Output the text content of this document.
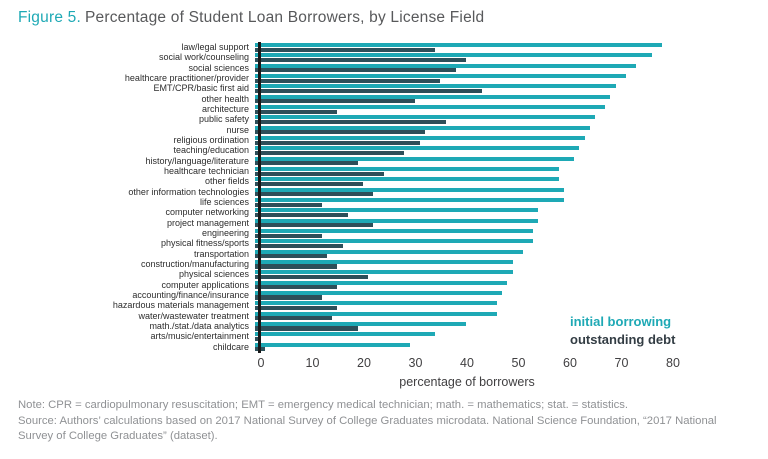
Figure 5. Percentage of Student Loan Borrowers, by License Field
law/legal support
social work/counseling
social sciences
healthcare practitioner/provider
EMT/CPR/basic first aid
other health
architecture
public safety
nurse
religious ordination
teaching/education
history/language/literature
healthcare technician
other fields
other information technologies
life sciences
computer networking
project management
engineering
physical fitness/sports
transportation
construction/manufacturing
physical sciences
computer applications
accounting/finance/insurance
hazardous materials management
water/wastewater treatment
math./stat./data analytics
arts/music/entertainment
childcare
0	10	20	30	40	50	60	70	80
percentage of borrowers
initial borrowing
outstanding debt
Note: CPR = cardiopulmonary resuscitation; EMT = emergency medical technician; math. = mathematics; stat. = statistics.
Source: Authors’ calculations based on 2017 National Survey of College Graduates microdata. National Science Foundation, “2017 National Survey of College Graduates” (dataset).
